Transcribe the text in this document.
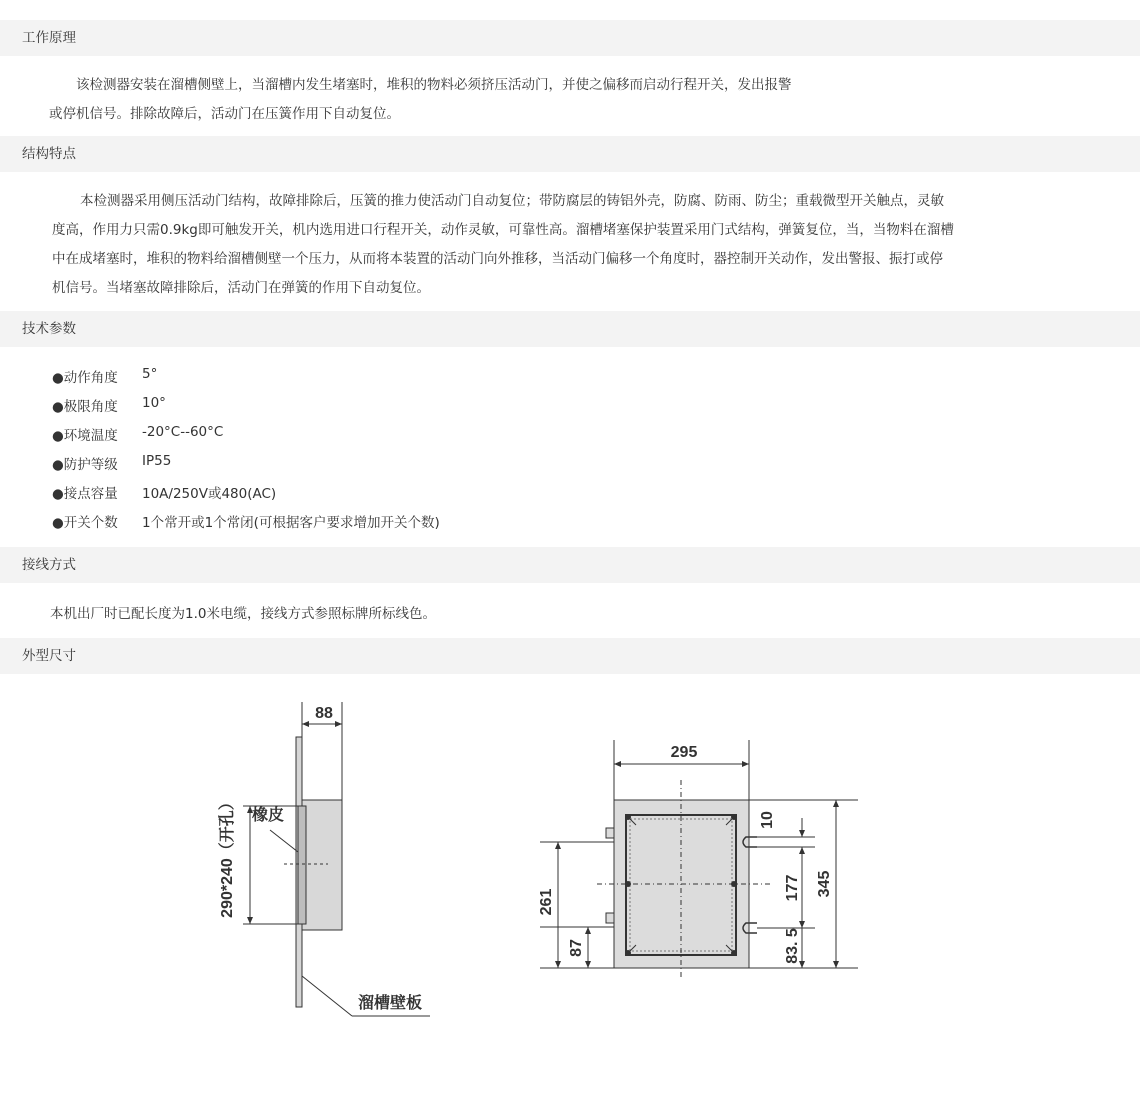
工作原理
该检测器安装在溜槽侧壁上，当溜槽内发生堵塞时，堆积的物料必须挤压活动门，并使之偏移而启动行程开关，发出报警
或停机信号。排除故障后，活动门在压簧作用下自动复位。
结构特点
本检测器采用侧压活动门结构，故障排除后，压簧的推力使活动门自动复位；带防腐层的铸铝外壳，防腐、防雨、防尘；重载微型开关触点，灵敏
度高，作用力只需0.9kg即可触发开关，机内选用进口行程开关，动作灵敏，可靠性高。溜槽堵塞保护装置采用门式结构，弹簧复位，当，当物料在溜槽
中在成堵塞时，堆积的物料给溜槽侧壁一个压力，从而将本装置的活动门向外推移，当活动门偏移一个角度时，器控制开关动作，发出警报、振打或停
机信号。当堵塞故障排除后，活动门在弹簧的作用下自动复位。
技术参数
●动作角度 5°
●极限角度 10°
●环境温度 -20°C--60°C
●防护等级 IP55
●接点容量 10A/250V或480(AC)
●开关个数 1个常开或1个常闭(可根据客户要求增加开关个数)
接线方式
本机出厂时已配长度为1.0米电缆，接线方式参照标牌所标线色。
外型尺寸
88
290*240（开孔） 橡皮
溜槽壁板
295
345
261
87
10
177
83. 5
